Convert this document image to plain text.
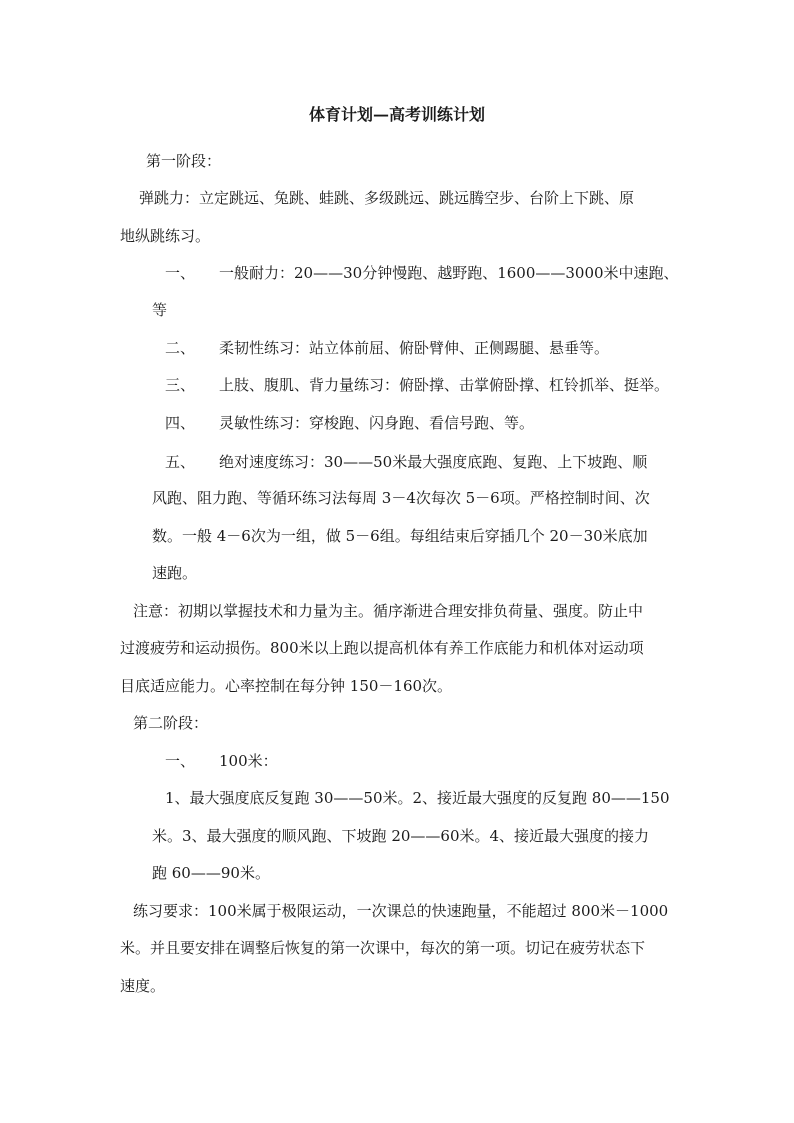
体育计划—高考训练计划
第一阶段：
弹跳力：立定跳远、兔跳、蛙跳、多级跳远、跳远腾空步、台阶上下跳、原
地纵跳练习。
一、 一般耐力：20——30分钟慢跑、越野跑、1600——3000米中速跑、
等
二、 柔韧性练习：站立体前屈、俯卧臂伸、正侧踢腿、悬垂等。
三、 上肢、腹肌、背力量练习：俯卧撑、击掌俯卧撑、杠铃抓举、挺举。
四、 灵敏性练习：穿梭跑、闪身跑、看信号跑、等。
五、 绝对速度练习：30——50米最大强度底跑、复跑、上下坡跑、顺
风跑、阻力跑、等循环练习法每周 3－4次每次 5－6项。严格控制时间、次
数。一般 4－6次为一组，做 5－6组。每组结束后穿插几个 20－30米底加
速跑。
注意：初期以掌握技术和力量为主。循序渐进合理安排负荷量、强度。防止中
过渡疲劳和运动损伤。800米以上跑以提高机体有养工作底能力和机体对运动项
目底适应能力。心率控制在每分钟 150－160次。
第二阶段：
一、 100米：
1、最大强度底反复跑 30——50米。2、接近最大强度的反复跑 80——150
米。3、最大强度的顺风跑、下坡跑 20——60米。4、接近最大强度的接力
跑 60——90米。
练习要求：100米属于极限运动，一次课总的快速跑量，不能超过 800米－1000
米。并且要安排在调整后恢复的第一次课中，每次的第一项。切记在疲劳状态下
速度。
